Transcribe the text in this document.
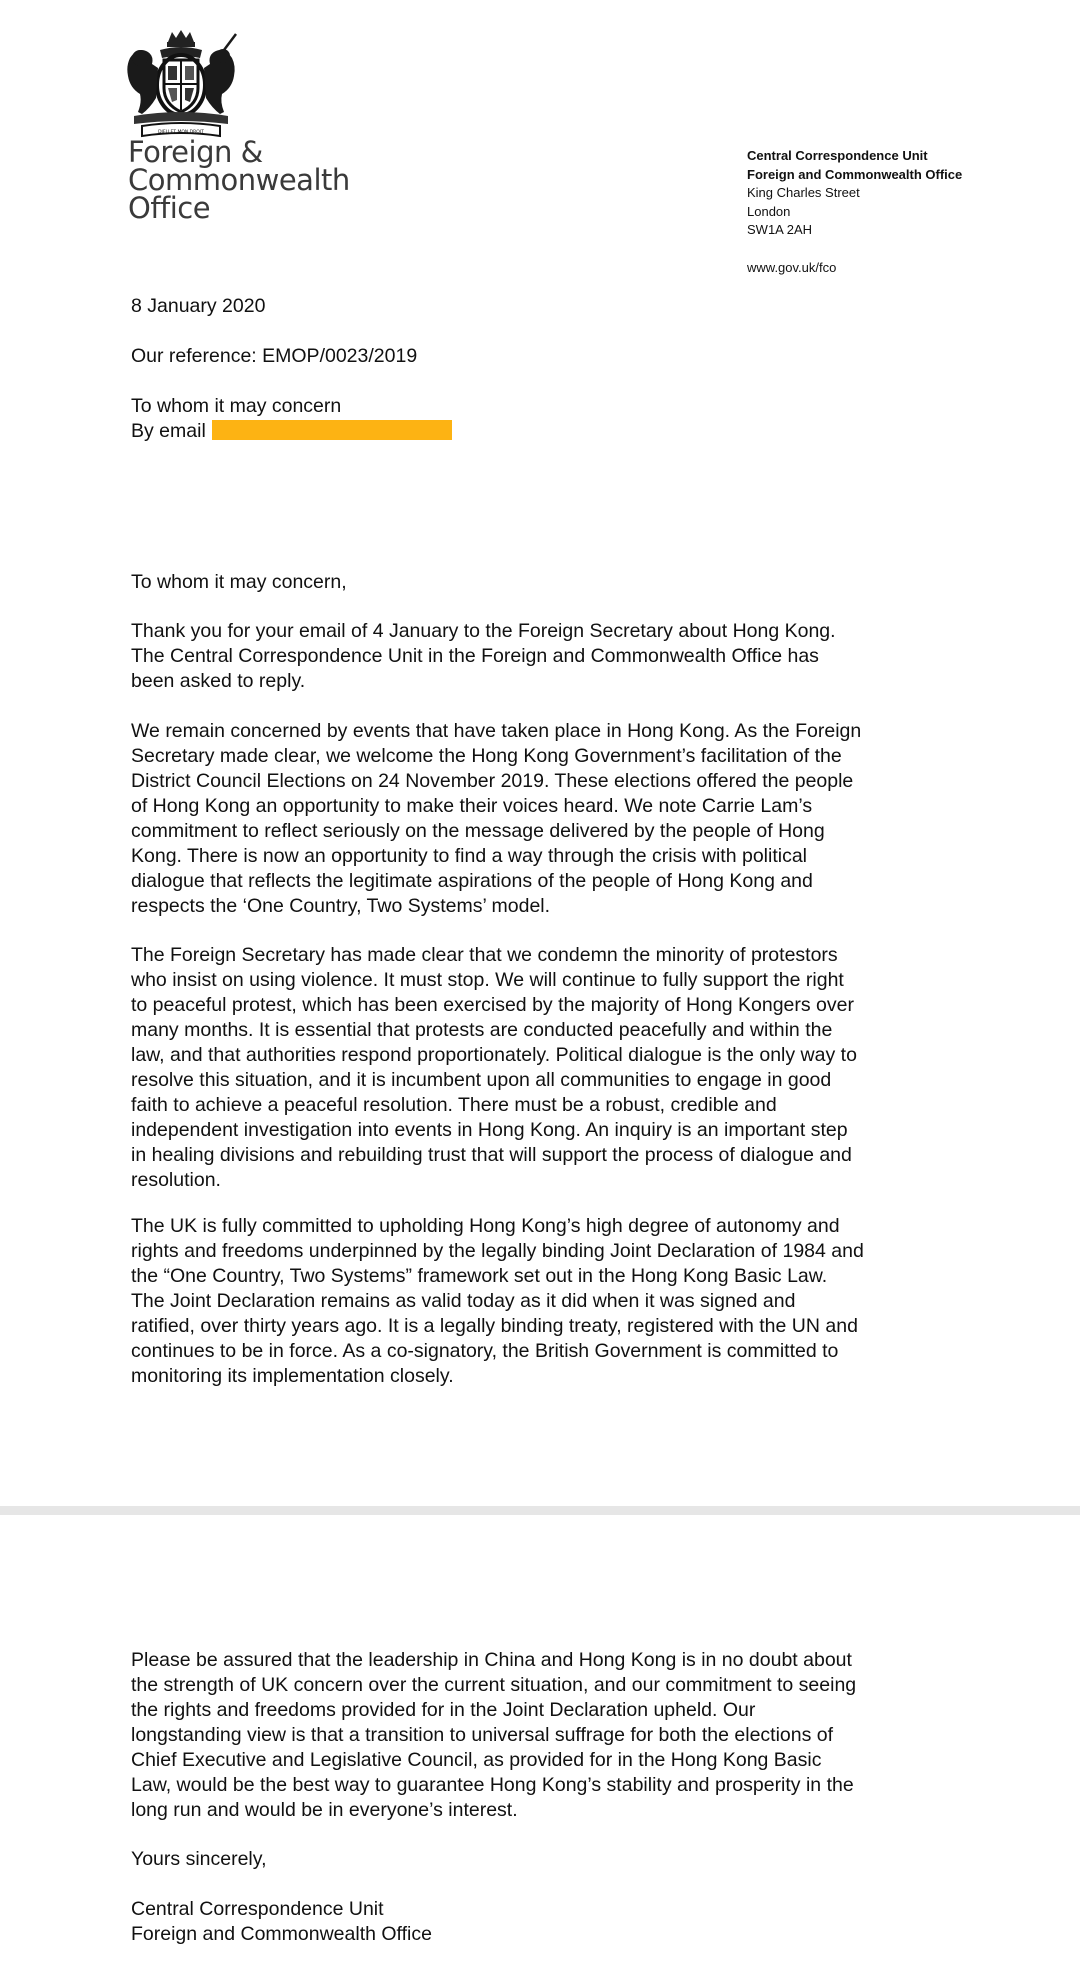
DIEU ET MON DROIT
Foreign &
Commonwealth
Office
Central Correspondence Unit
Foreign and Commonwealth Office
King Charles Street
London
SW1A 2AH
www.gov.uk/fco
8 January 2020
Our reference: EMOP/0023/2019
To whom it may concern
By email
To whom it may concern,
Thank you for your email of 4 January to the Foreign Secretary about Hong Kong.
The Central Correspondence Unit in the Foreign and Commonwealth Office has
been asked to reply.
We remain concerned by events that have taken place in Hong Kong. As the Foreign
Secretary made clear, we welcome the Hong Kong Government’s facilitation of the
District Council Elections on 24 November 2019. These elections offered the people
of Hong Kong an opportunity to make their voices heard. We note Carrie Lam’s
commitment to reflect seriously on the message delivered by the people of Hong
Kong. There is now an opportunity to find a way through the crisis with political
dialogue that reflects the legitimate aspirations of the people of Hong Kong and
respects the ‘One Country, Two Systems’ model.
The Foreign Secretary has made clear that we condemn the minority of protestors
who insist on using violence. It must stop. We will continue to fully support the right
to peaceful protest, which has been exercised by the majority of Hong Kongers over
many months. It is essential that protests are conducted peacefully and within the
law, and that authorities respond proportionately. Political dialogue is the only way to
resolve this situation, and it is incumbent upon all communities to engage in good
faith to achieve a peaceful resolution. There must be a robust, credible and
independent investigation into events in Hong Kong. An inquiry is an important step
in healing divisions and rebuilding trust that will support the process of dialogue and
resolution.
The UK is fully committed to upholding Hong Kong’s high degree of autonomy and
rights and freedoms underpinned by the legally binding Joint Declaration of 1984 and
the “One Country, Two Systems” framework set out in the Hong Kong Basic Law.
The Joint Declaration remains as valid today as it did when it was signed and
ratified, over thirty years ago. It is a legally binding treaty, registered with the UN and
continues to be in force. As a co-signatory, the British Government is committed to
monitoring its implementation closely.
Please be assured that the leadership in China and Hong Kong is in no doubt about
the strength of UK concern over the current situation, and our commitment to seeing
the rights and freedoms provided for in the Joint Declaration upheld. Our
longstanding view is that a transition to universal suffrage for both the elections of
Chief Executive and Legislative Council, as provided for in the Hong Kong Basic
Law, would be the best way to guarantee Hong Kong’s stability and prosperity in the
long run and would be in everyone’s interest.
Yours sincerely,
Central Correspondence Unit
Foreign and Commonwealth Office
